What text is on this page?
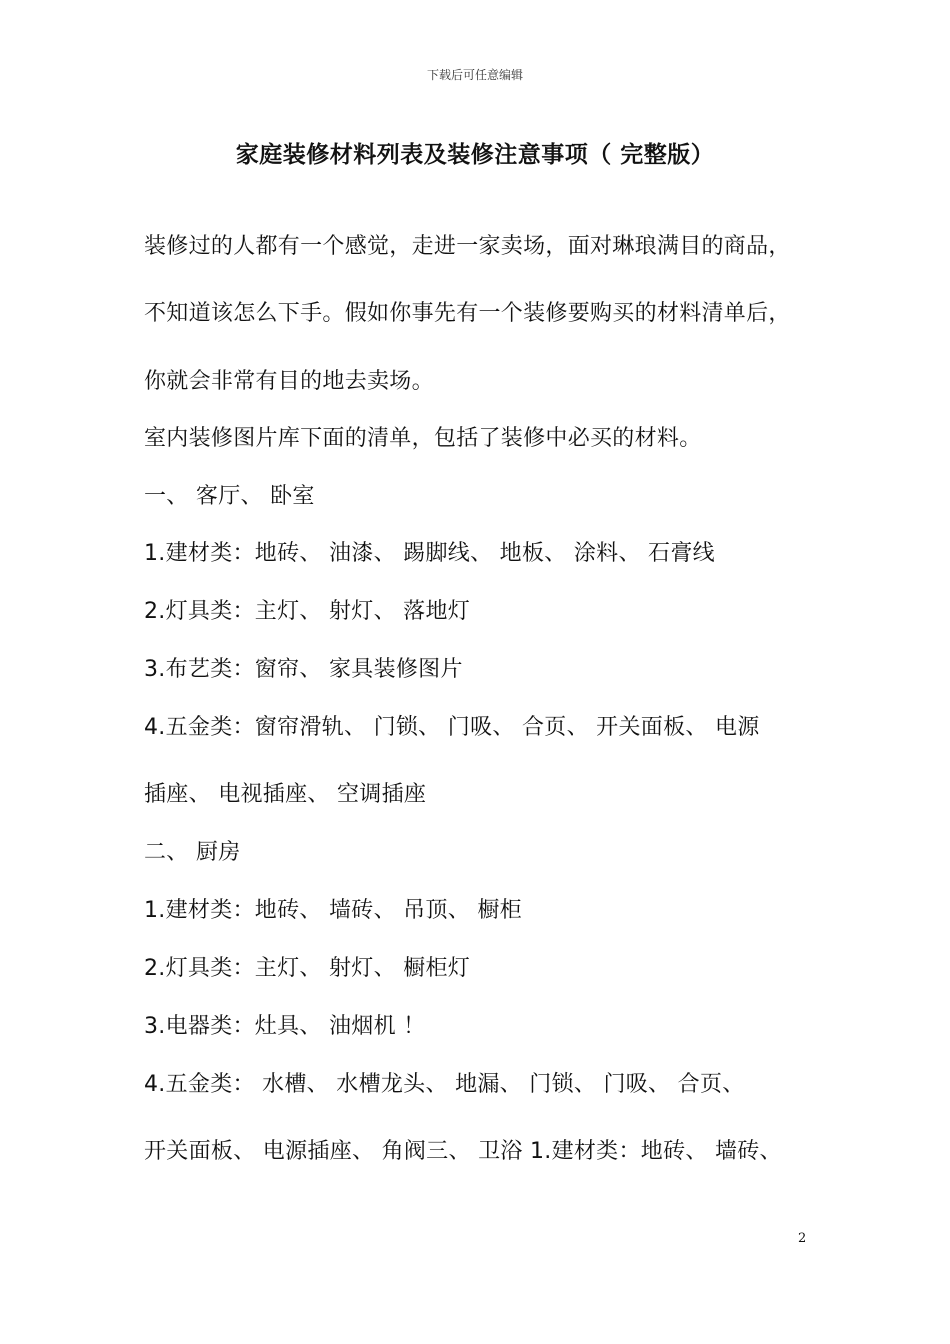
下载后可任意编辑
家庭装修材料列表及装修注意事项（ 完整版）
装修过的人都有一个感觉，走进一家卖场，面对琳琅满目的商品，
不知道该怎么下手。假如你事先有一个装修要购买的材料清单后，
你就会非常有目的地去卖场。
室内装修图片库下面的清单，包括了装修中必买的材料。
一、 客厅、 卧室
1.建材类：地砖、 油漆、 踢脚线、 地板、 涂料、 石膏线
2.灯具类：主灯、 射灯、 落地灯
3.布艺类：窗帘、 家具装修图片
4.五金类：窗帘滑轨、 门锁、 门吸、 合页、 开关面板、 电源
插座、 电视插座、 空调插座
二、 厨房
1.建材类：地砖、 墙砖、 吊顶、 橱柜
2.灯具类：主灯、 射灯、 橱柜灯
3.电器类：灶具、 油烟机 ！
4.五金类： 水槽、 水槽龙头、 地漏、 门锁、 门吸、 合页、
开关面板、 电源插座、 角阀三、 卫浴 1.建材类：地砖、 墙砖、
2
